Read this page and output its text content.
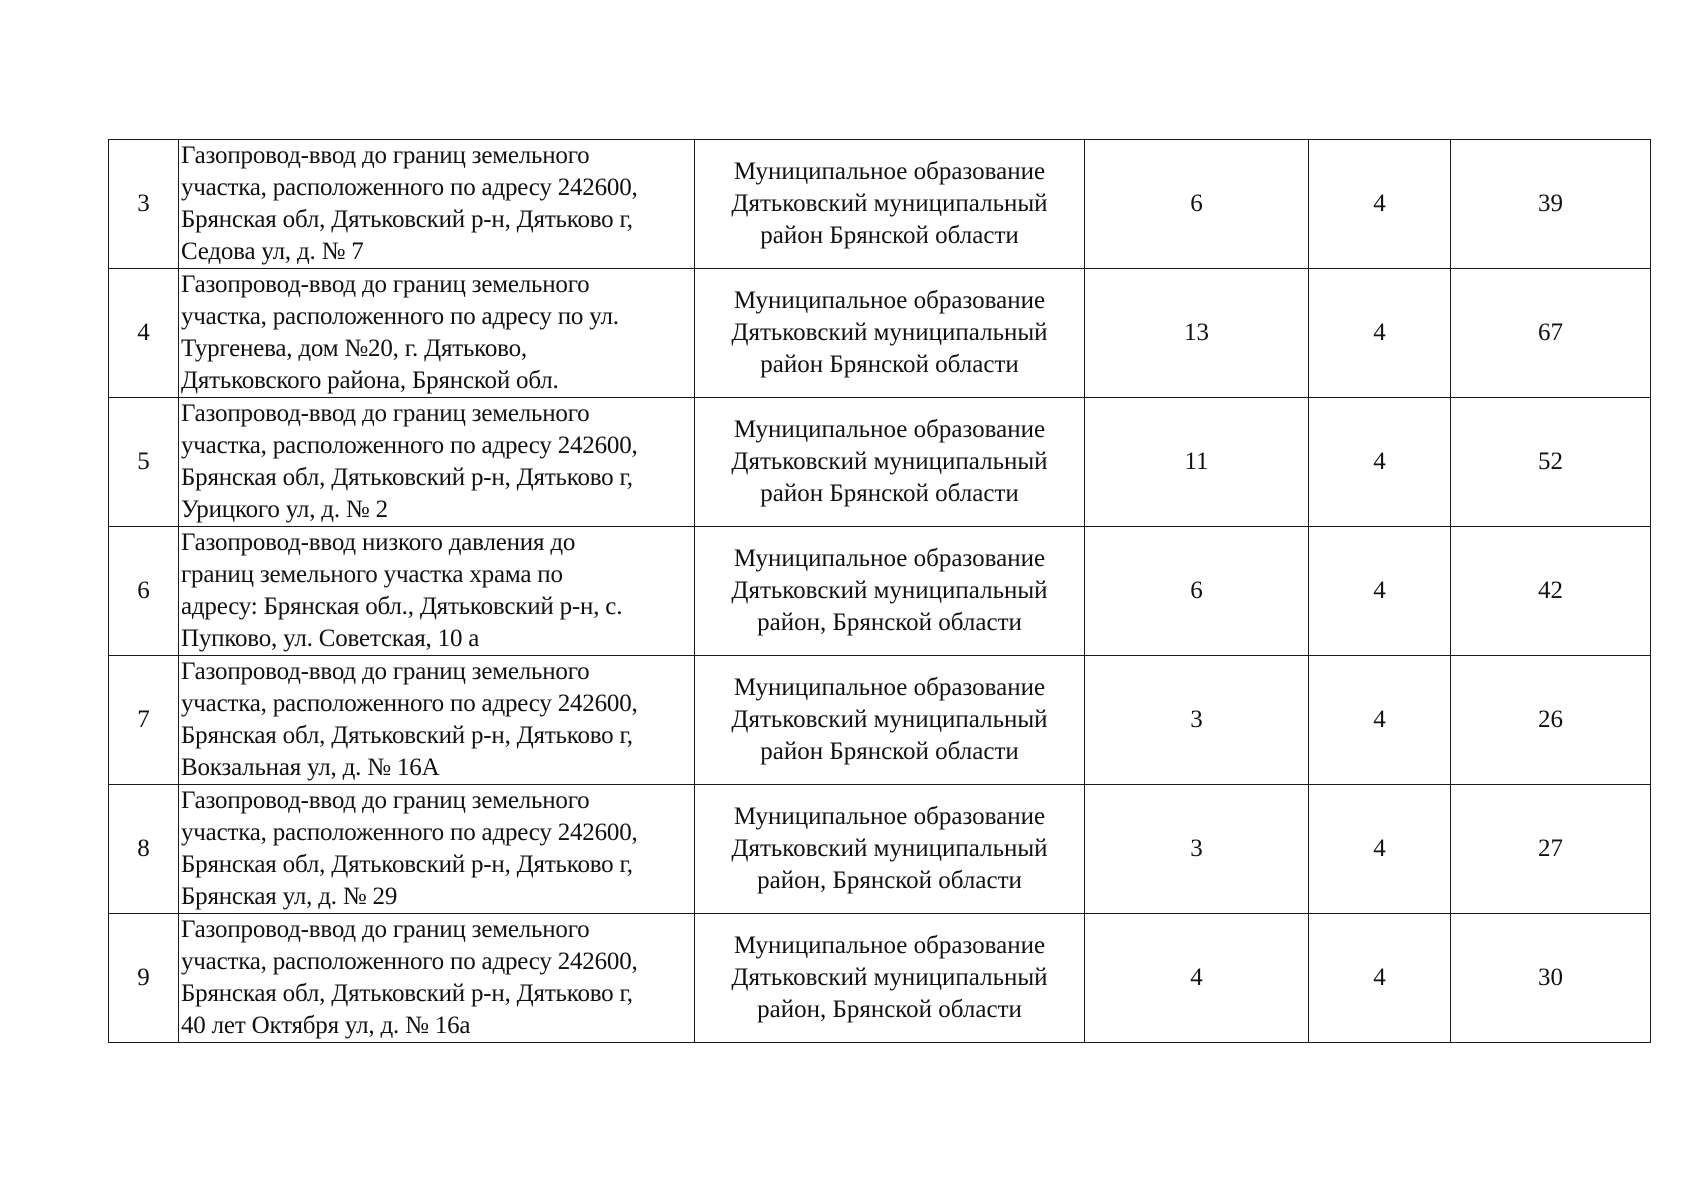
3	Газопровод-ввод до границ земельного
участка, расположенного по адресу 242600,
Брянская обл, Дятьковский р-н, Дятьково г,
Седова ул, д. № 7	Муниципальное образование
Дятьковский муниципальный
район Брянской области	6	4	39
4	Газопровод-ввод до границ земельного
участка, расположенного по адресу по ул.
Тургенева, дом №20, г. Дятьково,
Дятьковского района, Брянской обл.	Муниципальное образование
Дятьковский муниципальный
район Брянской области	13	4	67
5	Газопровод-ввод до границ земельного
участка, расположенного по адресу 242600,
Брянская обл, Дятьковский р-н, Дятьково г,
Урицкого ул, д. № 2	Муниципальное образование
Дятьковский муниципальный
район Брянской области	11	4	52
6	Газопровод-ввод низкого давления до
границ земельного участка храма по
адресу: Брянская обл., Дятьковский р-н, с.
Пупково, ул. Советская, 10 а	Муниципальное образование
Дятьковский муниципальный
район, Брянской области	6	4	42
7	Газопровод-ввод до границ земельного
участка, расположенного по адресу 242600,
Брянская обл, Дятьковский р-н, Дятьково г,
Вокзальная ул, д. № 16А	Муниципальное образование
Дятьковский муниципальный
район Брянской области	3	4	26
8	Газопровод-ввод до границ земельного
участка, расположенного по адресу 242600,
Брянская обл, Дятьковский р-н, Дятьково г,
Брянская ул, д. № 29	Муниципальное образование
Дятьковский муниципальный
район, Брянской области	3	4	27
9	Газопровод-ввод до границ земельного
участка, расположенного по адресу 242600,
Брянская обл, Дятьковский р-н, Дятьково г,
40 лет Октября ул, д. № 16а	Муниципальное образование
Дятьковский муниципальный
район, Брянской области	4	4	30
